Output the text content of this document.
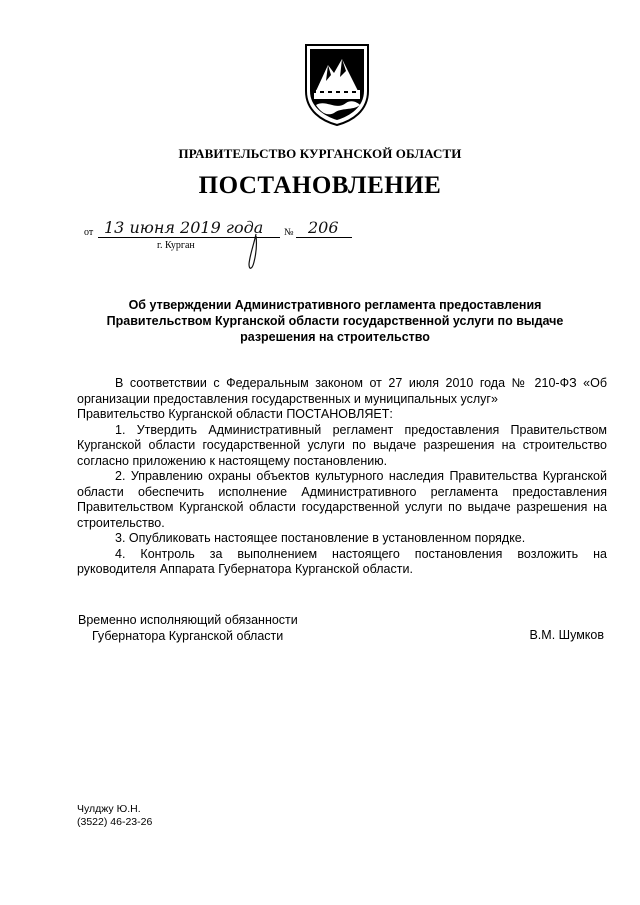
ПРАВИТЕЛЬСТВО КУРГАНСКОЙ ОБЛАСТИ
ПОСТАНОВЛЕНИЕ
от 13 июня 2019 года № 206
г. Курган
Об утверждении Административного регламента предоставления
Правительством Курганской области государственной услуги по выдаче
разрешения на строительство

В соответствии с Федеральным законом от 27 июля 2010 года № 210-ФЗ «Об организации предоставления государственных и муниципальных услуг»

Правительство Курганской области ПОСТАНОВЛЯЕТ:

1. Утвердить Административный регламент предоставления Правительством Курганской области государственной услуги по выдаче разрешения на строительство согласно приложению к настоящему постановлению.

2. Управлению охраны объектов культурного наследия Правительства Курганской области обеспечить исполнение Административного регламента предоставления Правительством Курганской области государственной услуги по выдаче разрешения на строительство.

3. Опубликовать настоящее постановление в установленном порядке.

4. Контроль за выполнением настоящего постановления возложить на руководителя Аппарата Губернатора Курганской области.

Временно исполняющий обязанности
Губернатора Курганской области	В.М. Шумков
Чулджу Ю.Н.
(3522) 46-23-26
